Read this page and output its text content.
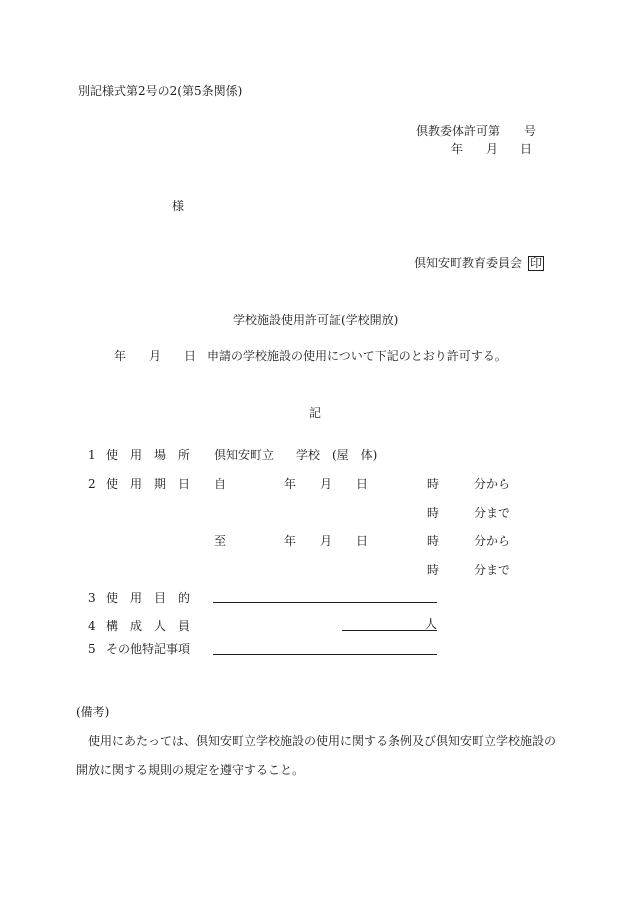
別記様式第2号の2(第5条関係)
倶教委体許可第　　号
年 月 日
様
倶知安町教育委員会 印
学校施設使用許可証(学校開放)
年 月 日 申請の学校施設の使用について下記のとおり許可する。
記
1 使 用 場 所 倶知安町立 学校 (屋　体)
2 使 用 期 日 自	年 月 日	時	分から
時	分まで
至	年 月 日	時	分から
時	分まで
3 使 用 目 的
4 構 成 人 員	人
5 その他特記事項
(備考)
使用にあたっては、倶知安町立学校施設の使用に関する条例及び倶知安町立学校施設の
開放に関する規則の規定を遵守すること。
